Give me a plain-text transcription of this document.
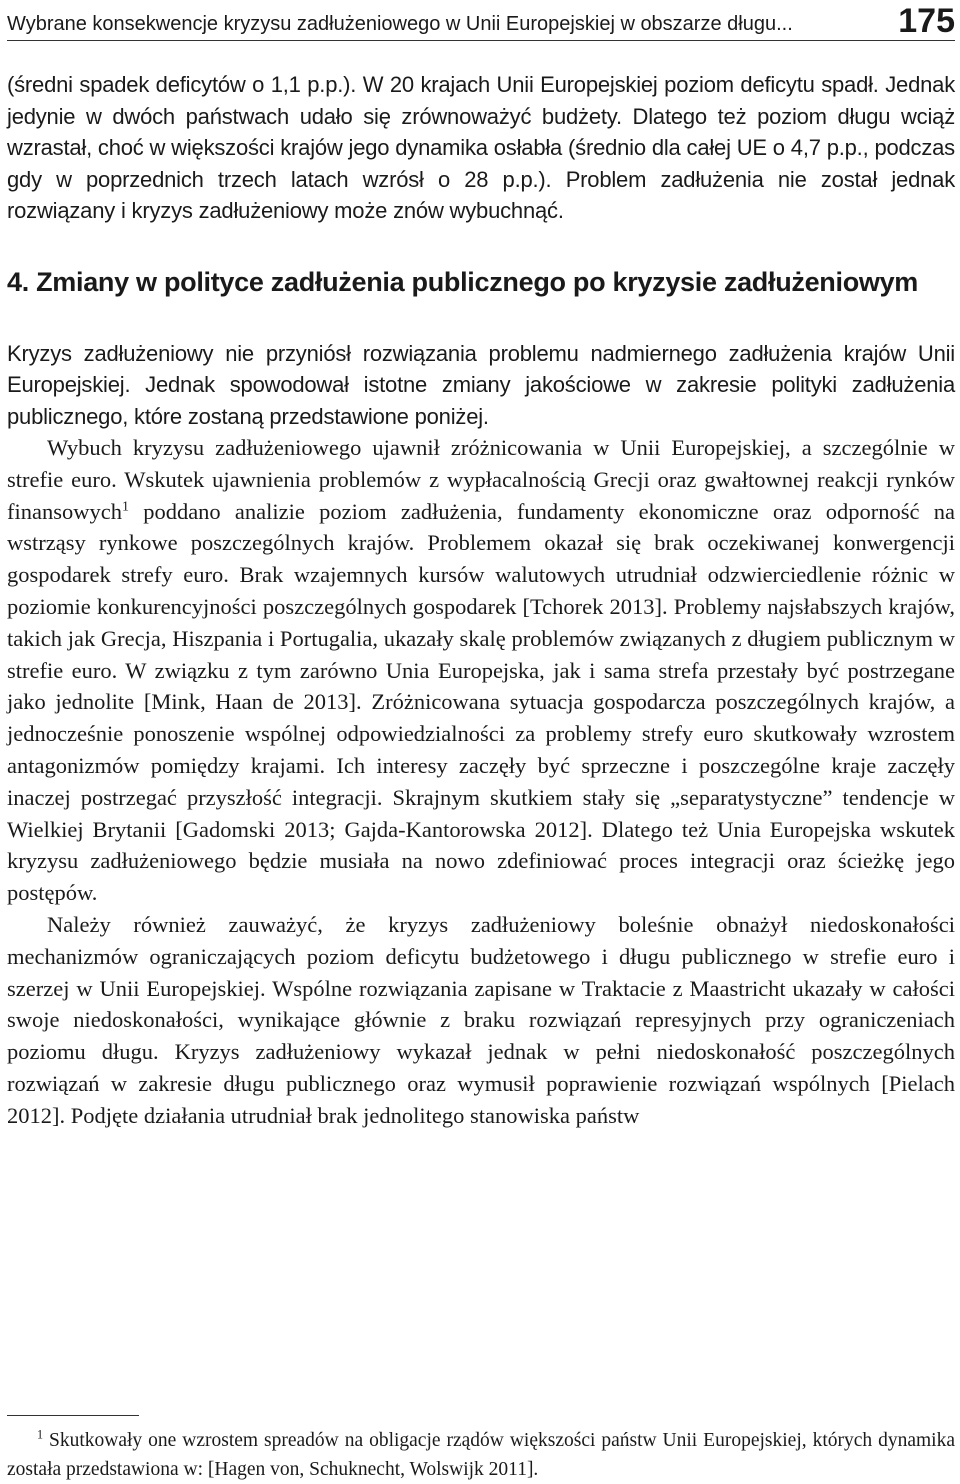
Wybrane konsekwencje kryzysu zadłużeniowego w Unii Europejskiej w obszarze długu...	175

(średni spadek deficytów o 1,1 p.p.). W 20 krajach Unii Europejskiej poziom deficytu spadł. Jednak jedynie w dwóch państwach udało się zrównoważyć budżety. Dlatego też poziom długu wciąż wzrastał, choć w większości krajów jego dynamika osłabła (średnio dla całej UE o 4,7 p.p., podczas gdy w poprzednich trzech latach wzrósł o 28 p.p.). Problem zadłużenia nie został jednak rozwiązany i kryzys zadłużeniowy może znów wybuchnąć.

4. Zmiany w polityce zadłużenia publicznego po kryzysie zadłużeniowym

Kryzys zadłużeniowy nie przyniósł rozwiązania problemu nadmiernego zadłużenia krajów Unii Europejskiej. Jednak spowodował istotne zmiany jakościowe w zakresie polityki zadłużenia publicznego, które zostaną przedstawione poniżej.

Wybuch kryzysu zadłużeniowego ujawnił zróżnicowania w Unii Europejskiej, a szczególnie w strefie euro. Wskutek ujawnienia problemów z wypłacalnością Grecji oraz gwałtownej reakcji rynków finansowych$^1$ poddano analizie poziom zadłużenia, fundamenty ekonomiczne oraz odporność na wstrząsy rynkowe poszczególnych krajów. Problemem okazał się brak oczekiwanej konwergencji gospodarek strefy euro. Brak wzajemnych kursów walutowych utrudniał odzwierciedlenie różnic w poziomie konkurencyjności poszczególnych gospodarek [Tchorek 2013]. Problemy najsłabszych krajów, takich jak Grecja, Hiszpania i Portugalia, ukazały skalę problemów związanych z długiem publicznym w strefie euro. W związku z tym zarówno Unia Europejska, jak i sama strefa przestały być postrzegane jako jednolite [Mink, Haan de 2013]. Zróżnicowana sytuacja gospodarcza poszczególnych krajów, a jednocześnie ponoszenie wspólnej odpowiedzialności za problemy strefy euro skutkowały wzrostem antagonizmów pomiędzy krajami. Ich interesy zaczęły być sprzeczne i poszczególne kraje zaczęły inaczej postrzegać przyszłość integracji. Skrajnym skutkiem stały się „separatystyczne” tendencje w Wielkiej Brytanii [Gadomski 2013; Gajda-Kantorowska 2012]. Dlatego też Unia Europejska wskutek kryzysu zadłużeniowego będzie musiała na nowo zdefiniować proces integracji oraz ścieżkę jego postępów.

Należy również zauważyć, że kryzys zadłużeniowy boleśnie obnażył niedoskonałości mechanizmów ograniczających poziom deficytu budżetowego i długu publicznego w strefie euro i szerzej w Unii Europejskiej. Wspólne rozwiązania zapisane w Traktacie z Maastricht ukazały w całości swoje niedoskonałości, wynikające głównie z braku rozwiązań represyjnych przy ograniczeniach poziomu długu. Kryzys zadłużeniowy wykazał jednak w pełni niedoskonałość poszczególnych rozwiązań w zakresie długu publicznego oraz wymusił poprawienie rozwiązań wspólnych [Pielach 2012]. Podjęte działania utrudniał brak jednolitego stanowiska państw

$^1$ Skutkowały one wzrostem spreadów na obligacje rządów większości państw Unii Europejskiej, których dynamika została przedstawiona w: [Hagen von, Schuknecht, Wolswijk 2011].
